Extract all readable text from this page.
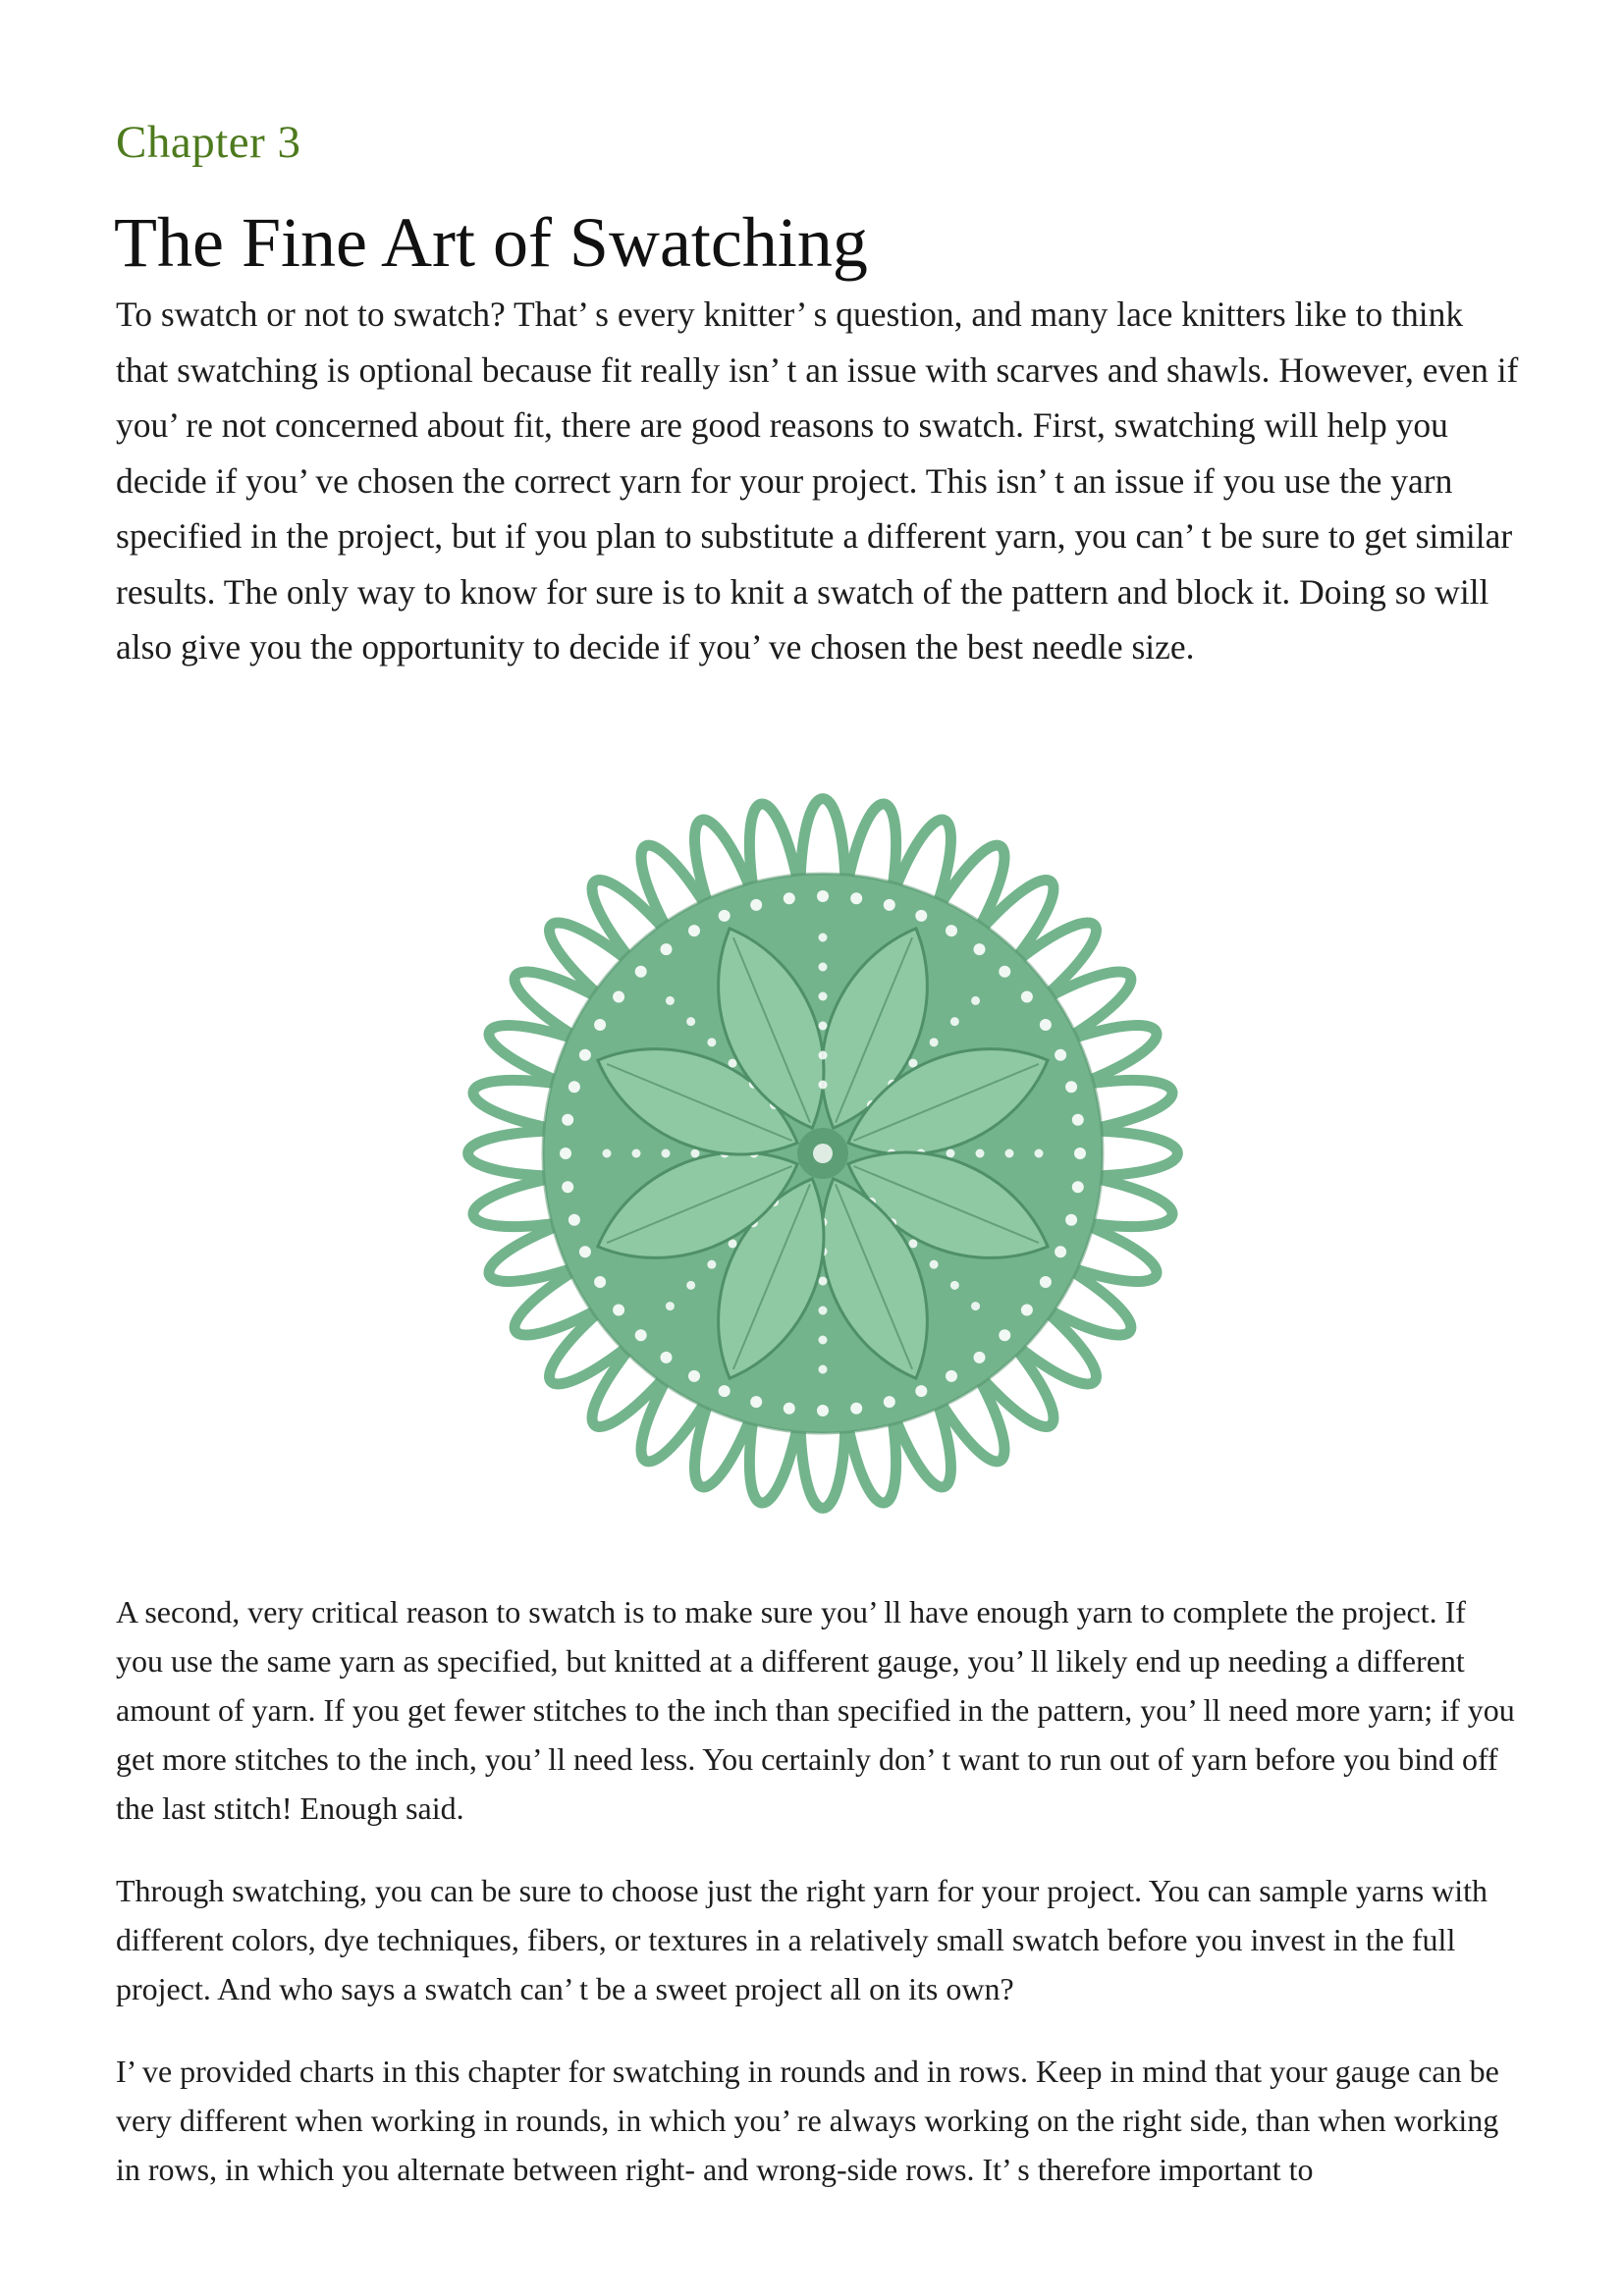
Chapter 3
The Fine Art of Swatching

To swatch or not to swatch? That’ s every knitter’ s question, and many lace knitters like to think that swatching is optional because fit really isn’ t an issue with scarves and shawls. However, even if you’ re not concerned about fit, there are good reasons to swatch. First, swatching will help you decide if you’ ve chosen the correct yarn for your project. This isn’ t an issue if you use the yarn specified in the project, but if you plan to substitute a different yarn, you can’ t be sure to get similar results. The only way to know for sure is to knit a swatch of the pattern and block it. Doing so will also give you the opportunity to decide if you’ ve chosen the best needle size.

A second, very critical reason to swatch is to make sure you’ ll have enough yarn to complete the project. If you use the same yarn as specified, but knitted at a different gauge, you’ ll likely end up needing a different amount of yarn. If you get fewer stitches to the inch than specified in the pattern, you’ ll need more yarn; if you get more stitches to the inch, you’ ll need less. You certainly don’ t want to run out of yarn before you bind off the last stitch! Enough said.

Through swatching, you can be sure to choose just the right yarn for your project. You can sample yarns with different colors, dye techniques, fibers, or textures in a relatively small swatch before you invest in the full project. And who says a swatch can’ t be a sweet project all on its own?

I’ ve provided charts in this chapter for swatching in rounds and in rows. Keep in mind that your gauge can be very different when working in rounds, in which you’ re always working on the right side, than when working in rows, in which you alternate between right- and wrong-side rows. It’ s therefore important to
